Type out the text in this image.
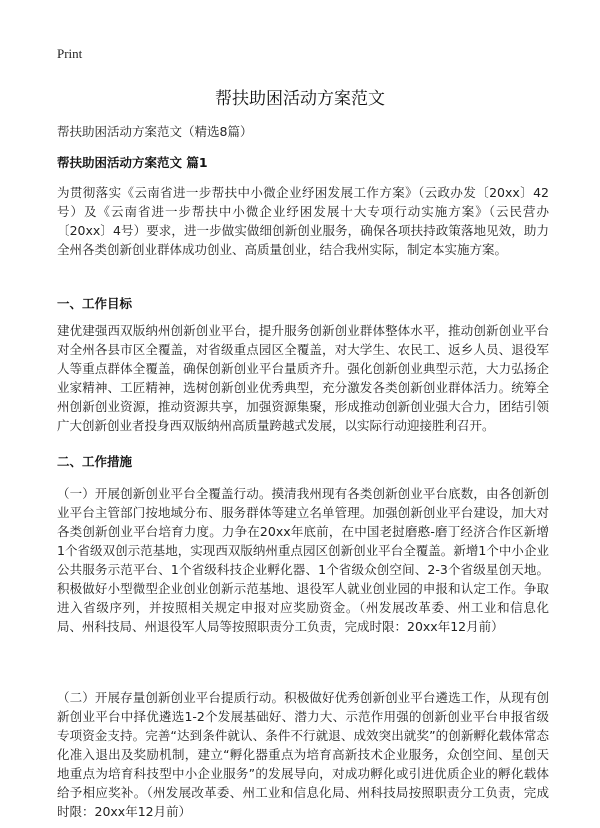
Print
帮扶助困活动方案范文
帮扶助困活动方案范文（精选8篇）
帮扶助困活动方案范文 篇1

为贯彻落实《云南省进一步帮扶中小微企业纾困发展工作方案》（云政办发〔20xx〕42号）及《云南省进一步帮扶中小微企业纾困发展十大专项行动实施方案》（云民营办〔20xx〕4号）要求，进一步做实做细创新创业服务，确保各项扶持政策落地见效，助力全州各类创新创业群体成功创业、高质量创业，结合我州实际，制定本实施方案。

一、工作目标

建优建强西双版纳州创新创业平台，提升服务创新创业群体整体水平，推动创新创业平台对全州各县市区全覆盖，对省级重点园区全覆盖，对大学生、农民工、返乡人员、退役军人等重点群体全覆盖，确保创新创业平台量质齐升。强化创新创业典型示范，大力弘扬企业家精神、工匠精神，选树创新创业优秀典型，充分激发各类创新创业群体活力。统筹全州创新创业资源，推动资源共享，加强资源集聚，形成推动创新创业强大合力，团结引领广大创新创业者投身西双版纳州高质量跨越式发展，以实际行动迎接胜利召开。

二、工作措施

（一）开展创新创业平台全覆盖行动。摸清我州现有各类创新创业平台底数，由各创新创业平台主管部门按地域分布、服务群体等建立名单管理。加强创新创业平台建设，加大对各类创新创业平台培育力度。力争在20xx年底前，在中国老挝磨憨-磨丁经济合作区新增1个省级双创示范基地，实现西双版纳州重点园区创新创业平台全覆盖。新增1个中小企业公共服务示范平台、1个省级科技企业孵化器、1个省级众创空间、2-3个省级星创天地。积极做好小型微型企业创业创新示范基地、退役军人就业创业园的申报和认定工作。争取进入省级序列，并按照相关规定申报对应奖励资金。（州发展改革委、州工业和信息化局、州科技局、州退役军人局等按照职责分工负责，完成时限：20xx年12月前）

（二）开展存量创新创业平台提质行动。积极做好优秀创新创业平台遴选工作，从现有创新创业平台中择优遴选1-2个发展基础好、潜力大、示范作用强的创新创业平台申报省级专项资金支持。完善“达到条件就认、条件不行就退、成效突出就奖”的创新孵化载体常态化准入退出及奖励机制，建立“孵化器重点为培育高新技术企业服务，众创空间、星创天地重点为培育科技型中小企业服务”的发展导向，对成功孵化或引进优质企业的孵化载体给予相应奖补。（州发展改革委、州工业和信息化局、州科技局按照职责分工负责，完成时限：20xx年12月前）
